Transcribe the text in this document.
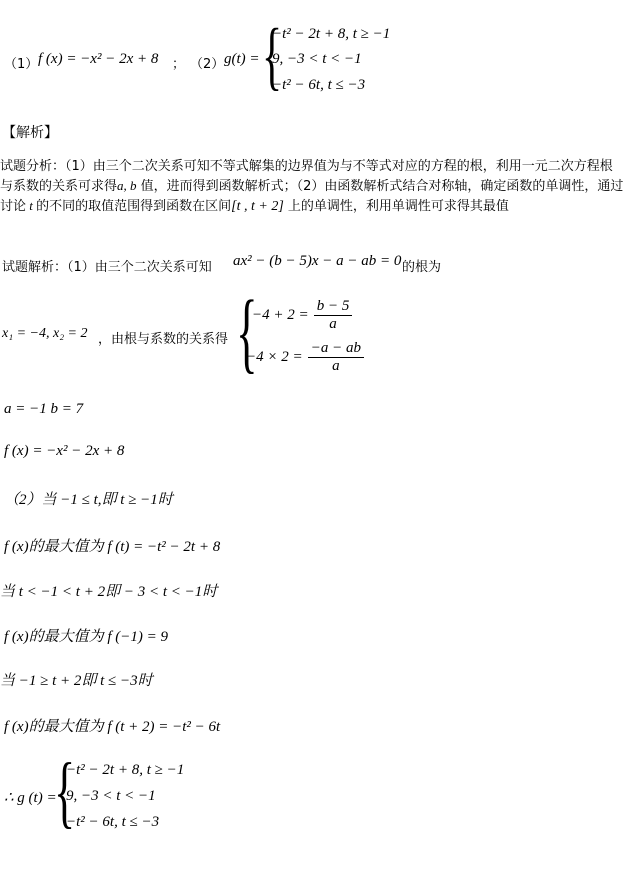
（1） f (x) = −x² − 2x + 8 ； （2） g(t) = {
−t² − 2t + 8, t ≥ −1
9, −3 < t < −1
−t² − 6t, t ≤ −3
【解析】
试题分析：（1）由三个二次关系可知不等式解集的边界值为与不等式对应的方程的根，利用一元二次方程根与系数的关系可求得a, b 值，进而得到函数解析式；（2）由函数解析式结合对称轴，确定函数的单调性，通过讨论 t 的不同的取值范围得到函数在区间[t , t + 2] 上的单调性，利用单调性可求得其最值
试题解析：（1）由三个二次关系可知 ax² − (b − 5)x − a − ab = 0 的根为
x₁ = −4, x₂ = 2 ，由根与系数的关系得 {
$-4 + 2 = \frac{b - 5}{a}$
$-4 \times 2 = \frac{-a - ab}{a}$
a = −1 b = 7
f (x) = −x² − 2x + 8
（2）当 −1 ≤ t,即 t ≥ −1时
f (x)的最大值为 f (t) = −t² − 2t + 8
当 t < −1 < t + 2即 − 3 < t < −1时
f (x)的最大值为 f (−1) = 9
当 −1 ≥ t + 2即 t ≤ −3时
f (x)的最大值为 f (t + 2) = −t² − 6t
∴ g (t) =
{
−t² − 2t + 8, t ≥ −1
9, −3 < t < −1
−t² − 6t, t ≤ −3
